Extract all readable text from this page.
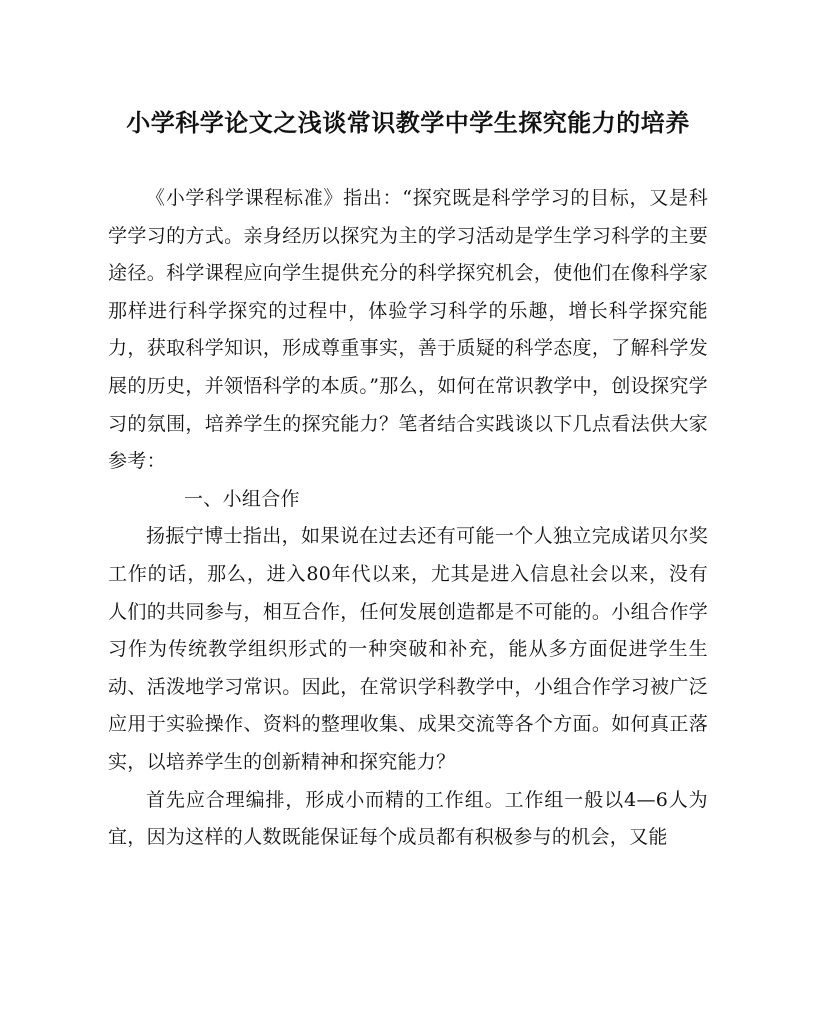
小学科学论文之浅谈常识教学中学生探究能力的培养

《小学科学课程标准》指出：“探究既是科学学习的目标，又是科学学习的方式。亲身经历以探究为主的学习活动是学生学习科学的主要途径。科学课程应向学生提供充分的科学探究机会，使他们在像科学家那样进行科学探究的过程中，体验学习科学的乐趣，增长科学探究能力，获取科学知识，形成尊重事实，善于质疑的科学态度，了解科学发展的历史，并领悟科学的本质。”那么，如何在常识教学中，创设探究学习的氛围，培养学生的探究能力？笔者结合实践谈以下几点看法供大家参考：

一、小组合作

扬振宁博士指出，如果说在过去还有可能一个人独立完成诺贝尔奖工作的话，那么，进入80年代以来，尤其是进入信息社会以来，没有人们的共同参与，相互合作，任何发展创造都是不可能的。小组合作学习作为传统教学组织形式的一种突破和补充，能从多方面促进学生生动、活泼地学习常识。因此，在常识学科教学中，小组合作学习被广泛应用于实验操作、资料的整理收集、成果交流等各个方面。如何真正落实，以培养学生的创新精神和探究能力？

首先应合理编排，形成小而精的工作组。工作组一般以4—6人为宜，因为这样的人数既能保证每个成员都有积极参与的机会，又能
